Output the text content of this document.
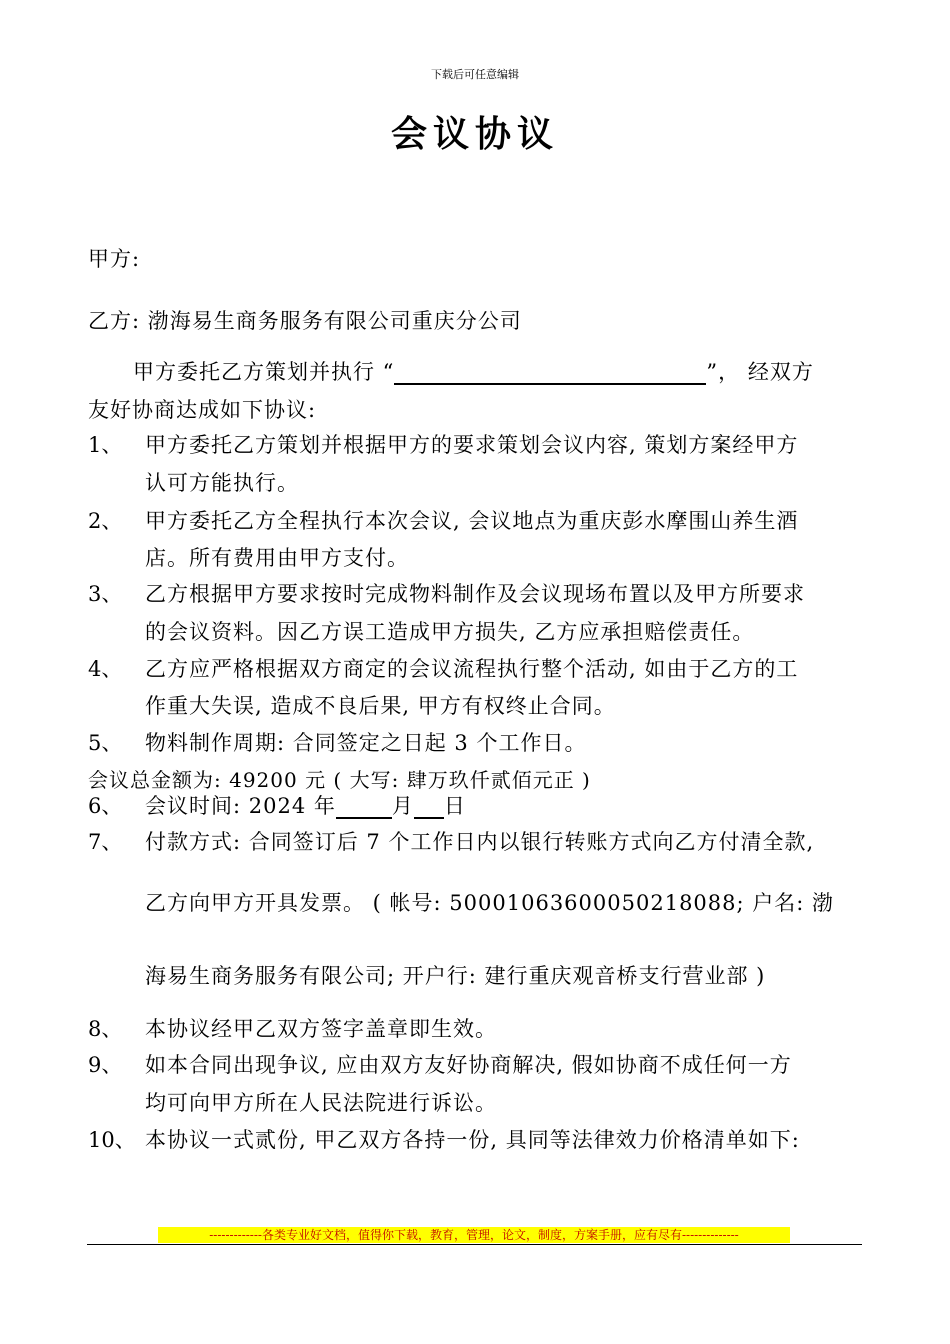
下载后可任意编辑
会议协议
甲方:
乙方: 渤海易生商务服务有限公司重庆分公司
甲方委托乙方策划并执行 “	”， 经双方
友好协商达成如下协议:
1、 甲方委托乙方策划并根据甲方的要求策划会议内容, 策划方案经甲方
认可方能执行。
2、 甲方委托乙方全程执行本次会议, 会议地点为重庆彭水摩围山养生酒
店。所有费用由甲方支付。
3、 乙方根据甲方要求按时完成物料制作及会议现场布置以及甲方所要求
的会议资料。因乙方误工造成甲方损失, 乙方应承担赔偿责任。
4、 乙方应严格根据双方商定的会议流程执行整个活动, 如由于乙方的工
作重大失误, 造成不良后果, 甲方有权终止合同。
5、 物料制作周期: 合同签定之日起 3 个工作日。
会议总金额为: 49200 元 ( 大写: 肆万玖仟贰佰元正 )
6、 会议时间: 2024 年	月 日
7、 付款方式: 合同签订后 7 个工作日内以银行转账方式向乙方付清全款,
乙方向甲方开具发票。 ( 帐号: 50001063600050218088; 户名: 渤
海易生商务服务有限公司; 开户行: 建行重庆观音桥支行营业部 )
8、 本协议经甲乙双方签字盖章即生效。
9、 如本合同出现争议, 应由双方友好协商解决, 假如协商不成任何一方
均可向甲方所在人民法院进行诉讼。
10、 本协议一式贰份, 甲乙双方各持一份, 具同等法律效力价格清单如下:
-------------各类专业好文档，值得你下载，教育，管理，论文，制度，方案手册，应有尽有--------------
